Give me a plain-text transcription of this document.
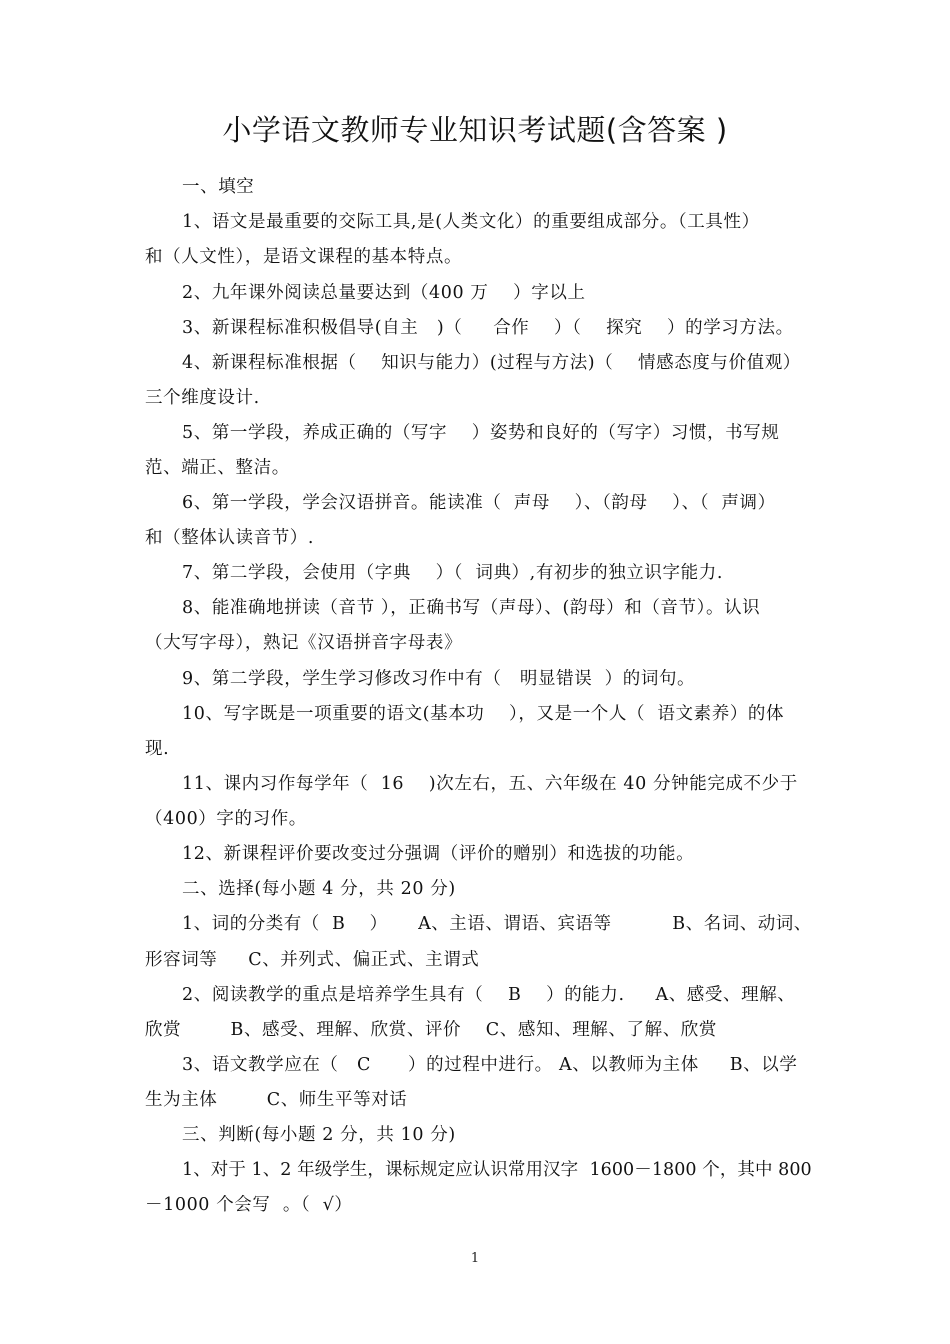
小学语文教师专业知识考试题(含答案 )
一、填空
1、语文是最重要的交际工具,是(人类文化）的重要组成部分。（工具性）
和（人文性），是语文课程的基本特点。
2、九年课外阅读总量要达到（400 万    ）字以上
3、新课程标准积极倡导(自主   )（     合作    ）（    探究    ）的学习方法。
4、新课程标准根据（    知识与能力）(过程与方法)（    情感态度与价值观）
三个维度设计.
5、第一学段，养成正确的（写字    ）姿势和良好的（写字）习惯，书写规
范、端正、整洁。
6、第一学段，学会汉语拼音。能读准（  声母    ）、（韵母    ）、（  声调）
和（整体认读音节）.
7、第二学段，会使用（字典    ）（  词典）,有初步的独立识字能力.
8、能准确地拼读（音节 ），正确书写（声母）、(韵母）和（音节）。认识
（大写字母），熟记《汉语拼音字母表》
9、第二学段，学生学习修改习作中有（   明显错误  ）的词句。
10、写字既是一项重要的语文(基本功    ），又是一个人（  语文素养）的体
现.
11、课内习作每学年（  16    )次左右，五、六年级在 40 分钟能完成不少于
（400）字的习作。
12、新课程评价要改变过分强调（评价的赠别）和选拔的功能。
二、选择(每小题 4 分，共 20 分)
1、词的分类有（  B    ）     A、主语、谓语、宾语等          B、名词、动词、
形容词等     C、并列式、偏正式、主谓式
2、阅读教学的重点是培养学生具有（    B    ）的能力.     A、感受、理解、
欣赏        B、感受、理解、欣赏、评价    C、感知、理解、了解、欣赏
3、语文教学应在（   C      ）的过程中进行。 A、以教师为主体     B、以学
生为主体        C、师生平等对话
三、判断(每小题 2 分，共 10 分)
1、对于 1、2 年级学生，课标规定应认识常用汉字  1600－1800 个，其中 800
－1000 个会写  。（  √）
1
